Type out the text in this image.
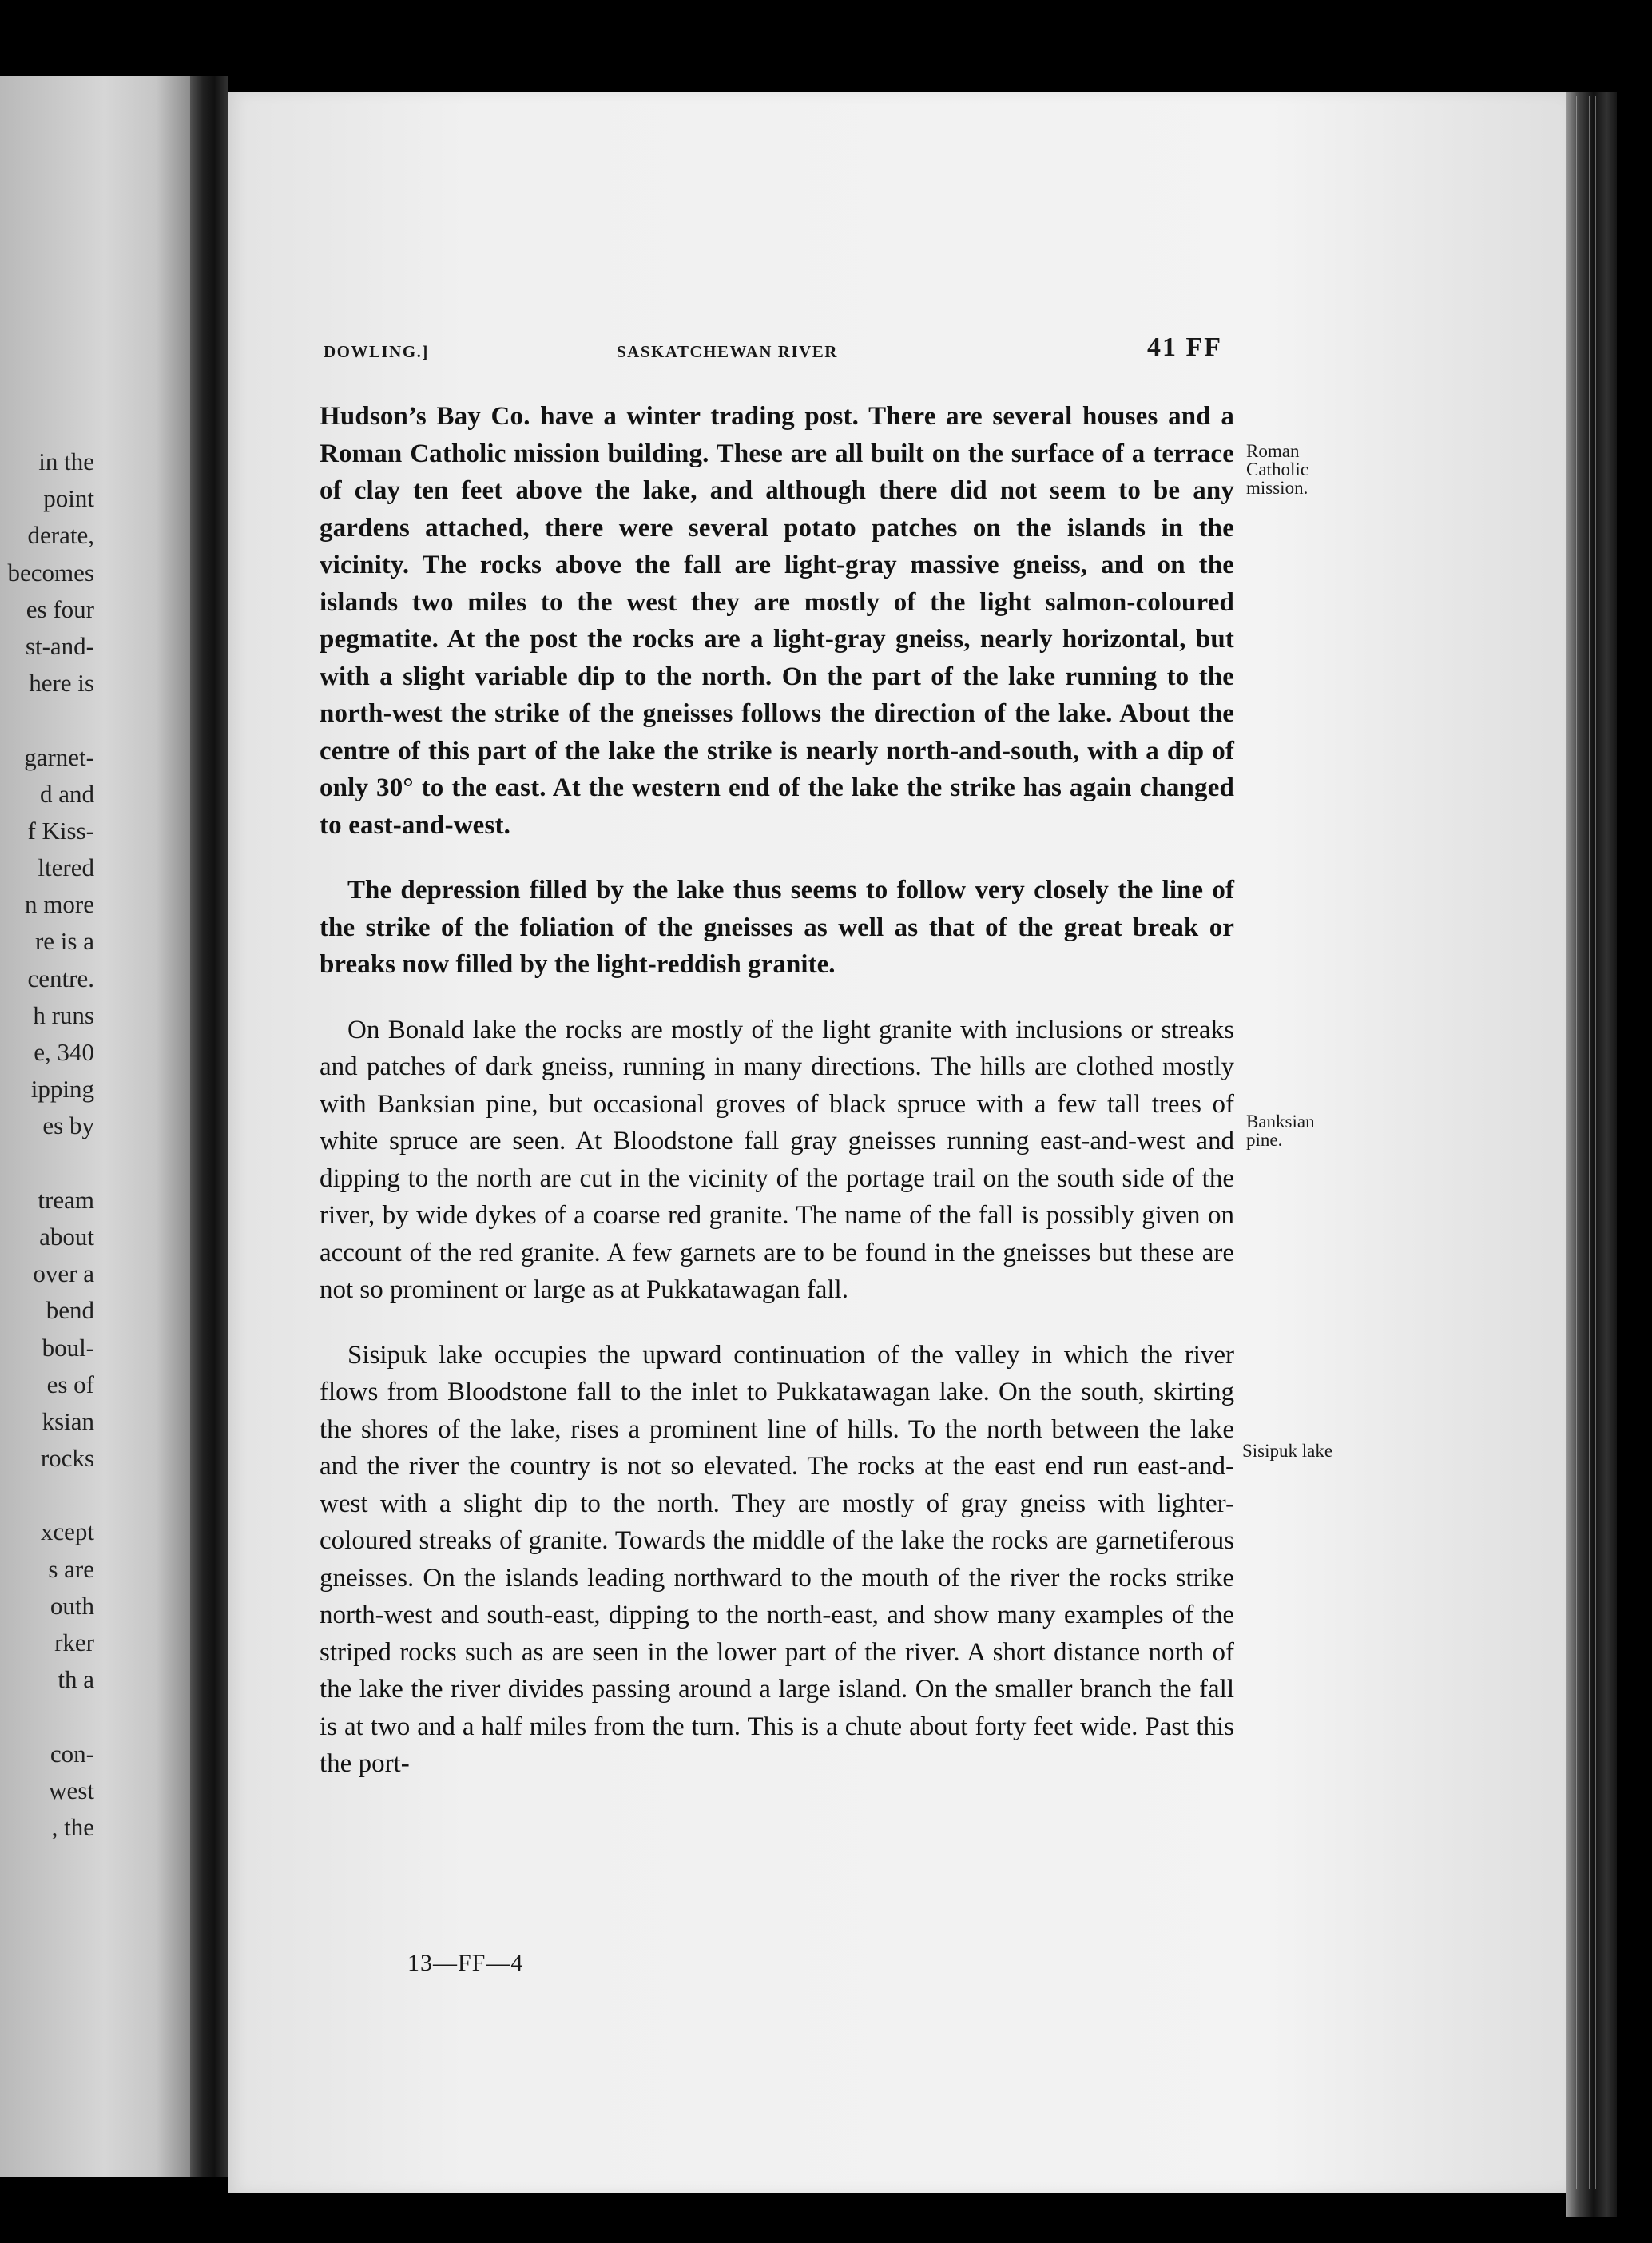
in the
point
derate,
becomes
es four
st-and-
here is
garnet-
d and
f Kiss-
ltered
n more
re is a
centre.
h runs
e, 340
ipping
es by
tream
about
over a
bend
boul-
es of
ksian
rocks
xcept
s are
outh
rker
th a
con-
west
, the
DOWLING.]	SASKATCHEWAN RIVER	41 FF

Hudson’s Bay Co. have a winter trading post. There are several houses and a Roman Catholic mission building. These are all built on the surface of a terrace of clay ten feet above the lake, and although there did not seem to be any gardens attached, there were several potato patches on the islands in the vicinity. The rocks above the fall are light-gray massive gneiss, and on the islands two miles to the west they are mostly of the light salmon-coloured pegmatite. At the post the rocks are a light-gray gneiss, nearly horizontal, but with a slight variable dip to the north. On the part of the lake running to the north-west the strike of the gneisses follows the direction of the lake. About the centre of this part of the lake the strike is nearly north-and-south, with a dip of only 30° to the east. At the western end of the lake the strike has again changed to east-and-west.

The depression filled by the lake thus seems to follow very closely the line of the strike of the foliation of the gneisses as well as that of the great break or breaks now filled by the light-reddish granite.

On Bonald lake the rocks are mostly of the light granite with inclusions or streaks and patches of dark gneiss, running in many directions. The hills are clothed mostly with Banksian pine, but occasional groves of black spruce with a few tall trees of white spruce are seen. At Bloodstone fall gray gneisses running east-and-west and dipping to the north are cut in the vicinity of the portage trail on the south side of the river, by wide dykes of a coarse red granite. The name of the fall is possibly given on account of the red granite. A few garnets are to be found in the gneisses but these are not so prominent or large as at Pukkatawagan fall.

Sisipuk lake occupies the upward continuation of the valley in which the river flows from Bloodstone fall to the inlet to Pukkatawagan lake. On the south, skirting the shores of the lake, rises a prominent line of hills. To the north between the lake and the river the country is not so elevated. The rocks at the east end run east-and-west with a slight dip to the north. They are mostly of gray gneiss with lighter-coloured streaks of granite. Towards the middle of the lake the rocks are garnetiferous gneisses. On the islands leading northward to the mouth of the river the rocks strike north-west and south-east, dipping to the north-east, and show many examples of the striped rocks such as are seen in the lower part of the river. A short distance north of the lake the river divides passing around a large island. On the smaller branch the fall is at two and a half miles from the turn. This is a chute about forty feet wide. Past this the port-

Roman
Catholic
mission.
Banksian
pine.
Sisipuk lake
13—FF—4
